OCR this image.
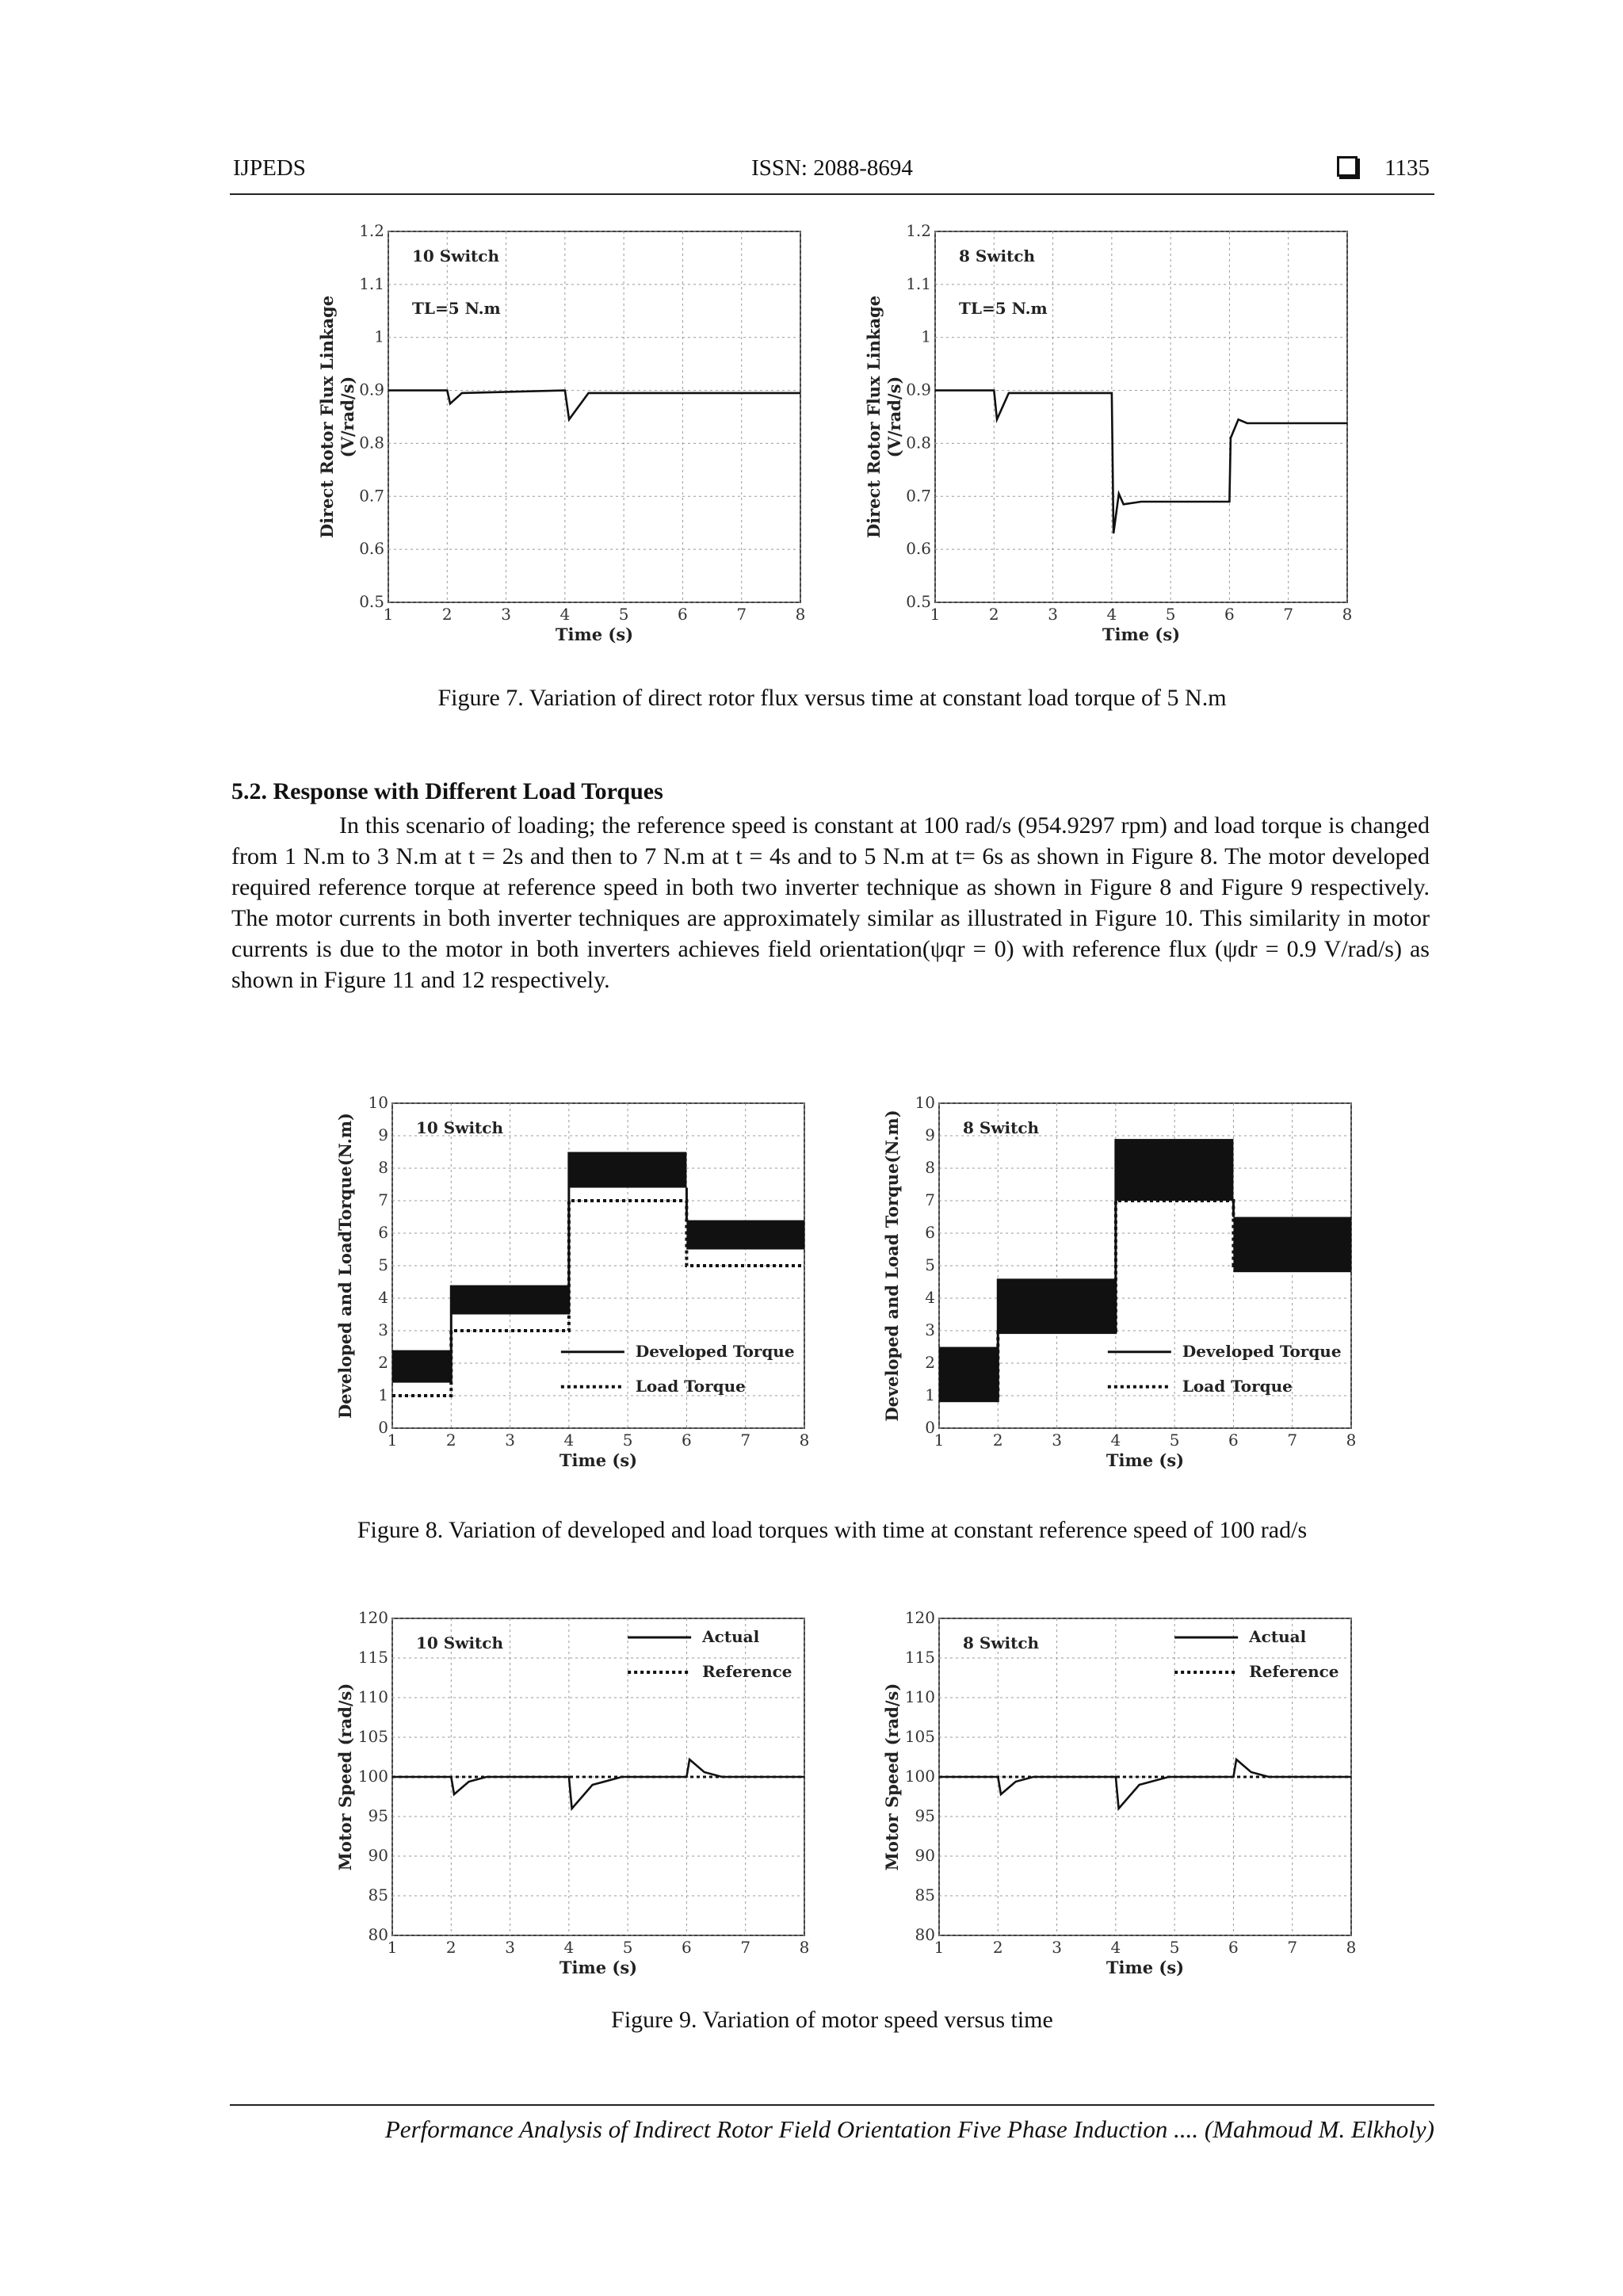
IJPEDS	ISSN: 2088-8694	1135
1	2	3	4	5	6	7	8
0.5
0.6
0.7
0.8
0.9
1
1.1
1.2
Time (s)
Direct Rotor Flux Linkage (V/rad/s)
10 Switch
TL=5 N.m
1	2	3	4	5	6	7	8
0.5
0.6
0.7
0.8
0.9
1
1.1
1.2
Time (s)
Direct Rotor Flux Linkage (V/rad/s)
8 Switch
TL=5 N.m
Figure 7. Variation of direct rotor flux versus time at constant load torque of 5 N.m
5.2. Response with Different Load Torques
In this scenario of loading; the reference speed is constant at 100 rad/s (954.9297 rpm) and load torque is changed from 1 N.m to 3 N.m at t = 2s and then to 7 N.m at t = 4s and to 5 N.m at t= 6s as shown in Figure 8. The motor developed required reference torque at reference speed in both two inverter technique as shown in Figure 8 and Figure 9 respectively. The motor currents in both inverter techniques are approximately similar as illustrated in Figure 10. This similarity in motor currents is due to the motor in both inverters achieves field orientation(ψqr = 0) with reference flux (ψdr = 0.9 V/rad/s) as shown in Figure 11 and 12 respectively.
1	2	3	4	5	6	7	8
0
1
2
3
4
5
6
7
8
9
10
Time (s)
Developed and LoadTorque(N.m)	10 Switch
Developed Torque
Load Torque
1	2	3	4	5	6	7	8
0
1
2
3
4
5
6
7
8
9
10
Time (s)
Developed and Load Torque(N.m)	8 Switch
Developed Torque
Load Torque
Figure 8. Variation of developed and load torques with time at constant reference speed of 100 rad/s
1	2	3	4	5	6	7	8
80
85
90
95
100
105
110
115
120
Time (s)
Motor Speed (rad/s)
10 Switch	Actual
Reference
1	2	3	4	5	6	7	8
80
85
90
95
100
105
110
115
120
Time (s)
Motor Speed (rad/s)
8 Switch	Actual
Reference
Figure 9. Variation of motor speed versus time
Performance Analysis of Indirect Rotor Field Orientation Five Phase Induction .... (Mahmoud M. Elkholy)
